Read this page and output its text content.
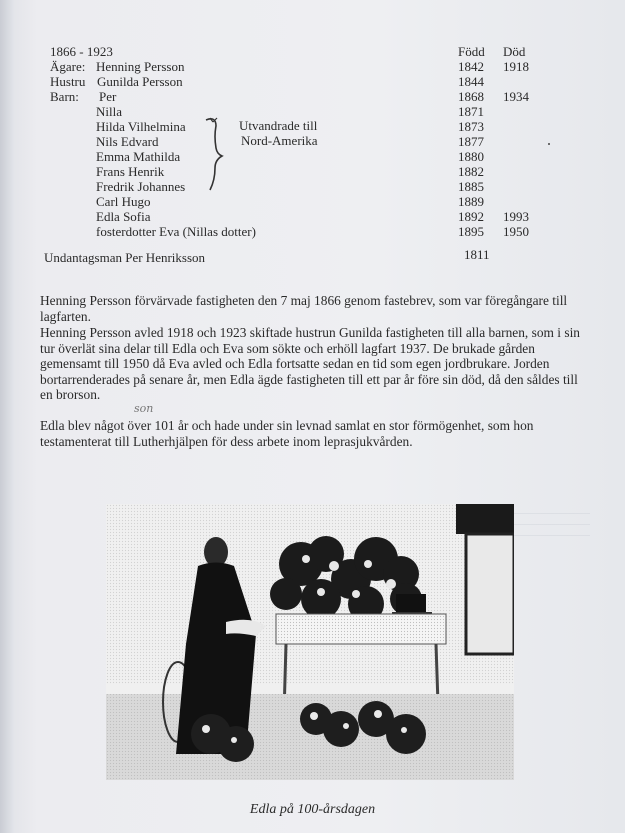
1866 - 1923	Född Död
Ägare: Henning Persson	1842 1918
Hustru Gunilda Persson	1844
Barn: Per	1868 1934
Nilla	1871
Hilda Vilhelmina	1873
Nils Edvard	1877
Emma Mathilda	1880
Frans Henrik	1882
Fredrik Johannes	1885
Carl Hugo	1889
Edla Sofia	1892 1993
fosterdotter Eva (Nillas dotter)	1895 1950
Utvandrade till
Nord-Amerika
Undantagsman Per Henriksson	1811
Henning Persson förvärvade fastigheten den 7 maj 1866 genom fastebrev, som var föregångare till lagfarten.
Henning Persson avled 1918 och 1923 skiftade hustrun Gunilda fastigheten till alla barnen, som i sin tur överlät sina delar till Edla och Eva som sökte och erhöll lagfart 1937. De brukade gården gemensamt till 1950 då Eva avled och Edla fortsatte sedan en tid som egen jordbrukare. Jorden bortarrenderades på senare år, men Edla ägde fastigheten till ett par år före sin död, då den såldes till en brorson.
son
Edla blev något över 101 år och hade under sin levnad samlat en stor förmögenhet, som hon testamenterat till Lutherhjälpen för dess arbete inom leprasjukvården.
Edla på 100-årsdagen
